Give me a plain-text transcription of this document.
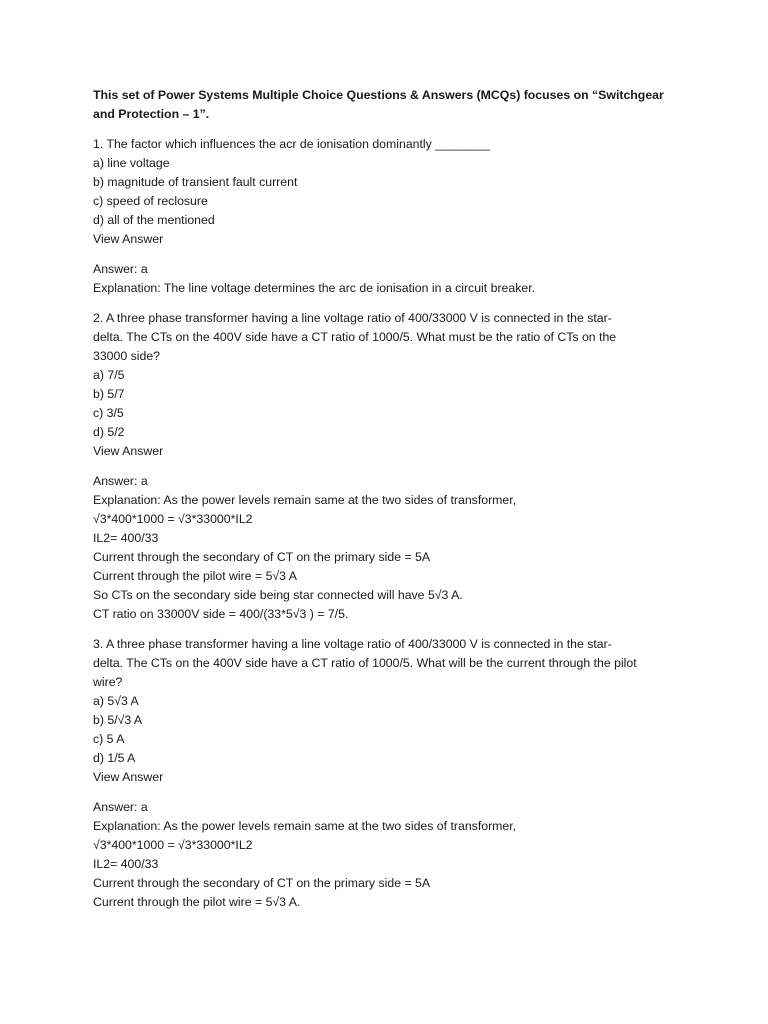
This set of Power Systems Multiple Choice Questions & Answers (MCQs) focuses on “Switchgear
and Protection – 1”.
1. The factor which influences the acr de ionisation dominantly ________
a) line voltage
b) magnitude of transient fault current
c) speed of reclosure
d) all of the mentioned
View Answer
Answer: a
Explanation: The line voltage determines the arc de ionisation in a circuit breaker.
2. A three phase transformer having a line voltage ratio of 400/33000 V is connected in the star-
delta. The CTs on the 400V side have a CT ratio of 1000/5. What must be the ratio of CTs on the
33000 side?
a) 7/5
b) 5/7
c) 3/5
d) 5/2
View Answer
Answer: a
Explanation: As the power levels remain same at the two sides of transformer,
√3*400*1000 = √3*33000*IL2
IL2= 400/33
Current through the secondary of CT on the primary side = 5A
Current through the pilot wire = 5√3 A
So CTs on the secondary side being star connected will have 5√3 A.
CT ratio on 33000V side = 400/(33*5√3 ) = 7/5.
3. A three phase transformer having a line voltage ratio of 400/33000 V is connected in the star-
delta. The CTs on the 400V side have a CT ratio of 1000/5. What will be the current through the pilot
wire?
a) 5√3 A
b) 5/√3 A
c) 5 A
d) 1/5 A
View Answer
Answer: a
Explanation: As the power levels remain same at the two sides of transformer,
√3*400*1000 = √3*33000*IL2
IL2= 400/33
Current through the secondary of CT on the primary side = 5A
Current through the pilot wire = 5√3 A.
